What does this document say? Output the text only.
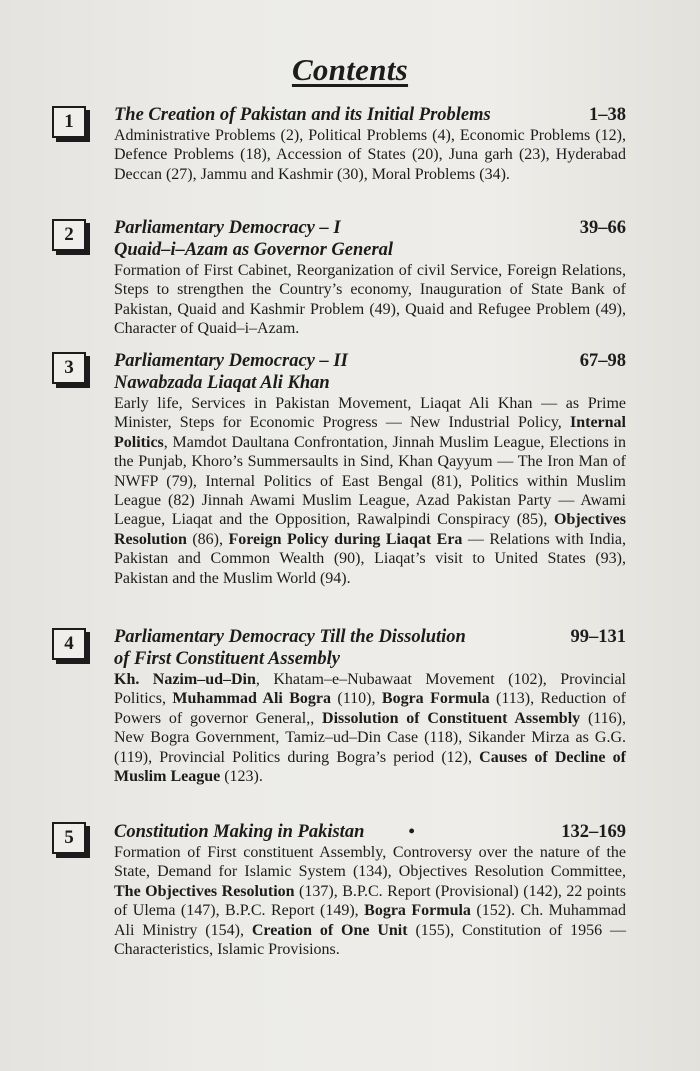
Contents
1	The Creation of Pakistan and its Initial Problems	1–38
Administrative Problems (2), Political Problems (4), Economic Problems (12), Defence Problems (18), Accession of States (20), Juna garh (23), Hyderabad Deccan (27), Jammu and Kashmir (30), Moral Problems (34).
2	Parliamentary Democracy – I	39–66
Quaid–i–Azam as Governor General
Formation of First Cabinet, Reorganization of civil Service, Foreign Relations, Steps to strengthen the Country’s economy, Inauguration of State Bank of Pakistan, Quaid and Kashmir Problem (49), Quaid and Refugee Problem (49), Character of Quaid–i–Azam.
3	Parliamentary Democracy – II	67–98
Nawabzada Liaqat Ali Khan
Early life, Services in Pakistan Movement, Liaqat Ali Khan — as Prime Minister, Steps for Economic Progress — New Industrial Policy, Internal Politics, Mamdot Daultana Confrontation, Jinnah Muslim League, Elections in the Punjab, Khoro’s Summersaults in Sind, Khan Qayyum — The Iron Man of NWFP (79), Internal Politics of East Bengal (81), Politics within Muslim League (82) Jinnah Awami Muslim League, Azad Pakistan Party — Awami League, Liaqat and the Opposition, Rawalpindi Conspiracy (85), Objectives Resolution (86), Foreign Policy during Liaqat Era — Relations with India, Pakistan and Common Wealth (90), Liaqat’s visit to United States (93), Pakistan and the Muslim World (94).
4	Parliamentary Democracy Till the Dissolution	99–131
of First Constituent Assembly
Kh. Nazim–ud–Din, Khatam–e–Nubawaat Movement (102), Provincial Politics, Muhammad Ali Bogra (110), Bogra Formula (113), Reduction of Powers of governor General,, Dissolution of Constituent Assembly (116), New Bogra Government, Tamiz–ud–Din Case (118), Sikander Mirza as G.G. (119), Provincial Politics during Bogra’s period (12), Causes of Decline of Muslim League (123).
5	Constitution Making in Pakistan •	132–169
Formation of First constituent Assembly, Controversy over the nature of the State, Demand for Islamic System (134), Objectives Resolution Committee, The Objectives Resolution (137), B.P.C. Report (Provisional) (142), 22 points of Ulema (147), B.P.C. Report (149), Bogra Formula (152). Ch. Muhammad Ali Ministry (154), Creation of One Unit (155), Constitution of 1956 — Characteristics, Islamic Provisions.
